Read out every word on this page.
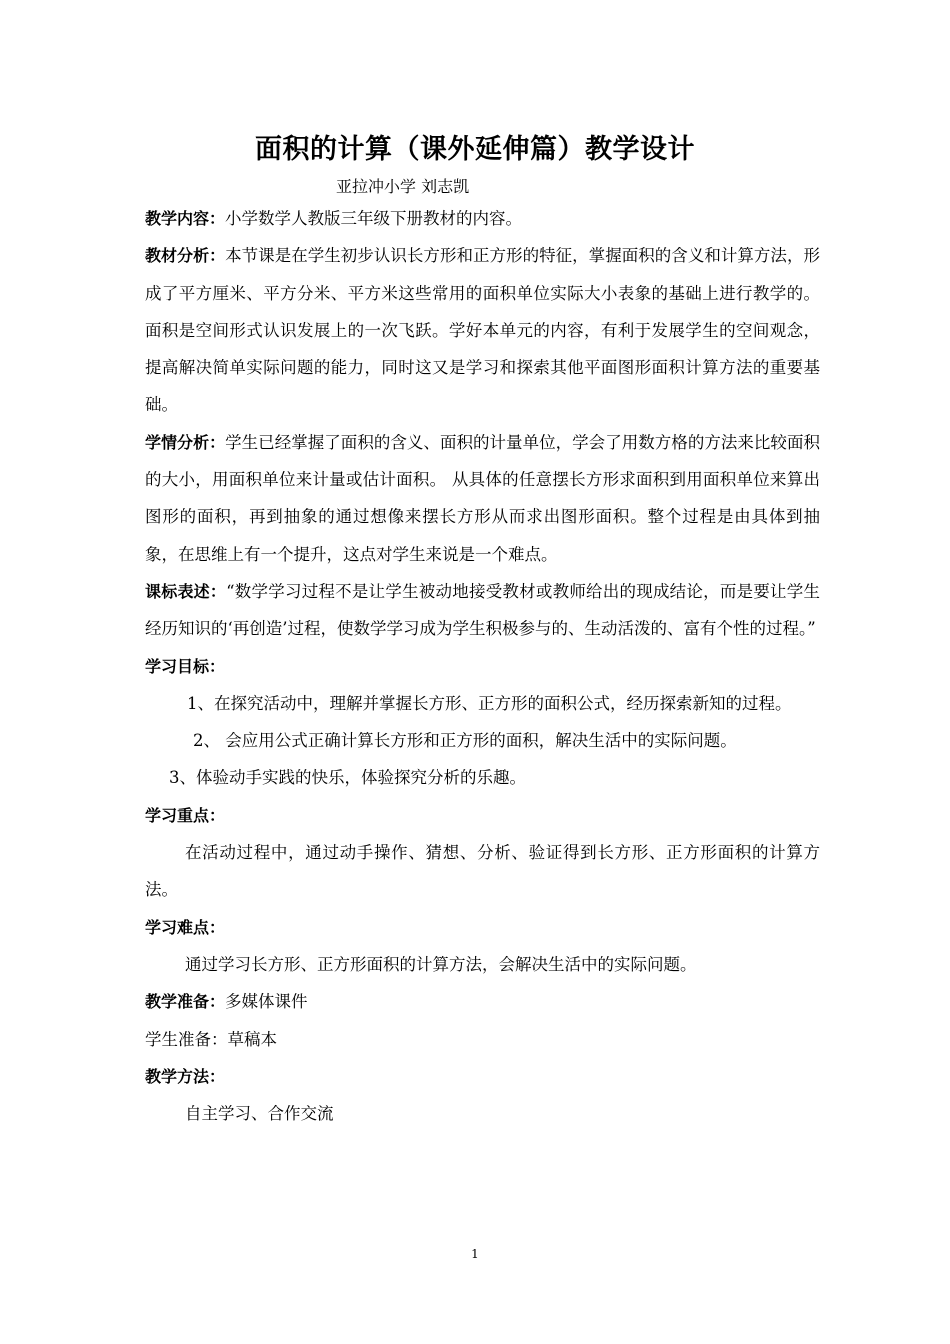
面积的计算（课外延伸篇）教学设计
亚拉冲小学 刘志凯

教学内容：小学数学人教版三年级下册教材的内容。

教材分析：本节课是在学生初步认识长方形和正方形的特征，掌握面积的含义和计算方法，形成了平方厘米、平方分米、平方米这些常用的面积单位实际大小表象的基础上进行教学的。面积是空间形式认识发展上的一次飞跃。学好本单元的内容，有利于发展学生的空间观念，提高解决简单实际问题的能力，同时这又是学习和探索其他平面图形面积计算方法的重要基础。

学情分析：学生已经掌握了面积的含义、面积的计量单位，学会了用数方格的方法来比较面积的大小，用面积单位来计量或估计面积。 从具体的任意摆长方形求面积到用面积单位来算出图形的面积，再到抽象的通过想像来摆长方形从而求出图形面积。整个过程是由具体到抽象，在思维上有一个提升，这点对学生来说是一个难点。

课标表述：“数学学习过程不是让学生被动地接受教材或教师给出的现成结论，而是要让学生经历知识的‘再创造’过程，使数学学习成为学生积极参与的、生动活泼的、富有个性的过程。”

学习目标：

1、在探究活动中，理解并掌握长方形、正方形的面积公式，经历探索新知的过程。

2、 会应用公式正确计算长方形和正方形的面积，解决生活中的实际问题。

3、体验动手实践的快乐，体验探究分析的乐趣。

学习重点：

在活动过程中，通过动手操作、猜想、分析、验证得到长方形、正方形面积的计算方法。

学习难点：

通过学习长方形、正方形面积的计算方法，会解决生活中的实际问题。

教学准备：多媒体课件

学生准备：草稿本

教学方法：

自主学习、合作交流

1
